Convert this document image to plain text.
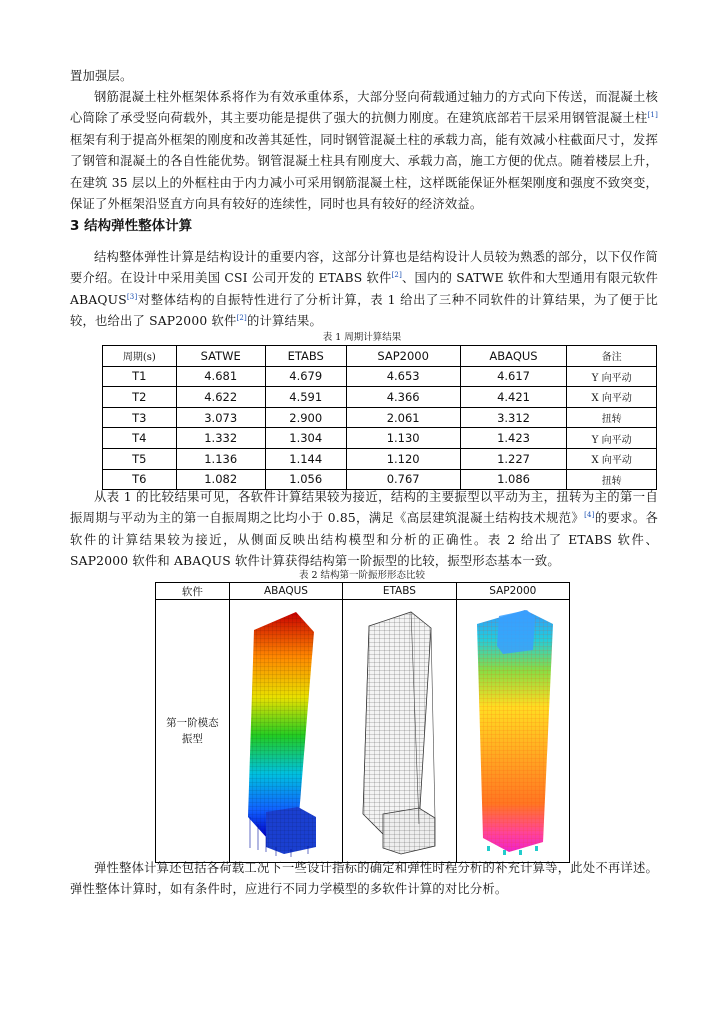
置加强层。
钢筋混凝土柱外框架体系将作为有效承重体系，大部分竖向荷载通过轴力的方式向下传送，而混凝土核心筒除了承受竖向荷载外，其主要功能是提供了强大的抗侧力刚度。在建筑底部若干层采用钢管混凝土柱[1]框架有利于提高外框架的刚度和改善其延性，同时钢管混凝土柱的承载力高，能有效减小柱截面尺寸，发挥了钢管和混凝土的各自性能优势。钢管混凝土柱具有刚度大、承载力高，施工方便的优点。随着楼层上升，在建筑 35 层以上的外框柱由于内力减小可采用钢筋混凝土柱，这样既能保证外框架刚度和强度不致突变，保证了外框架沿竖直方向具有较好的连续性，同时也具有较好的经济效益。
3 结构弹性整体计算
结构整体弹性计算是结构设计的重要内容，这部分计算也是结构设计人员较为熟悉的部分，以下仅作简要介绍。在设计中采用美国 CSI 公司开发的 ETABS 软件[2]、国内的 SATWE 软件和大型通用有限元软件 ABAQUS[3]对整体结构的自振特性进行了分析计算，表 1 给出了三种不同软件的计算结果，为了便于比较，也给出了 SAP2000 软件[2]的计算结果。
表 1 周期计算结果
周期(s)	SATWE	ETABS	SAP2000	ABAQUS	备注
T1	4.681	4.679	4.653	4.617	Y 向平动
T2	4.622	4.591	4.366	4.421	X 向平动
T3	3.073	2.900	2.061	3.312	扭转
T4	1.332	1.304	1.130	1.423	Y 向平动
T5	1.136	1.144	1.120	1.227	X 向平动
T6	1.082	1.056	0.767	1.086	扭转
从表 1 的比较结果可见，各软件计算结果较为接近，结构的主要振型以平动为主，扭转为主的第一自振周期与平动为主的第一自振周期之比均小于 0.85，满足《高层建筑混凝土结构技术规范》[4]的要求。各软件的计算结果较为接近，从侧面反映出结构模型和分析的正确性。表 2 给出了 ETABS 软件、SAP2000 软件和 ABAQUS 软件计算获得结构第一阶振型的比较，振型形态基本一致。
表 2 结构第一阶振形形态比较
软件	ABAQUS	ETABS	SAP2000
第一阶模态振型	

弹性整体计算还包括各荷载工况下一些设计指标的确定和弹性时程分析的补充计算等，此处不再详述。弹性整体计算时，如有条件时，应进行不同力学模型的多软件计算的对比分析。
